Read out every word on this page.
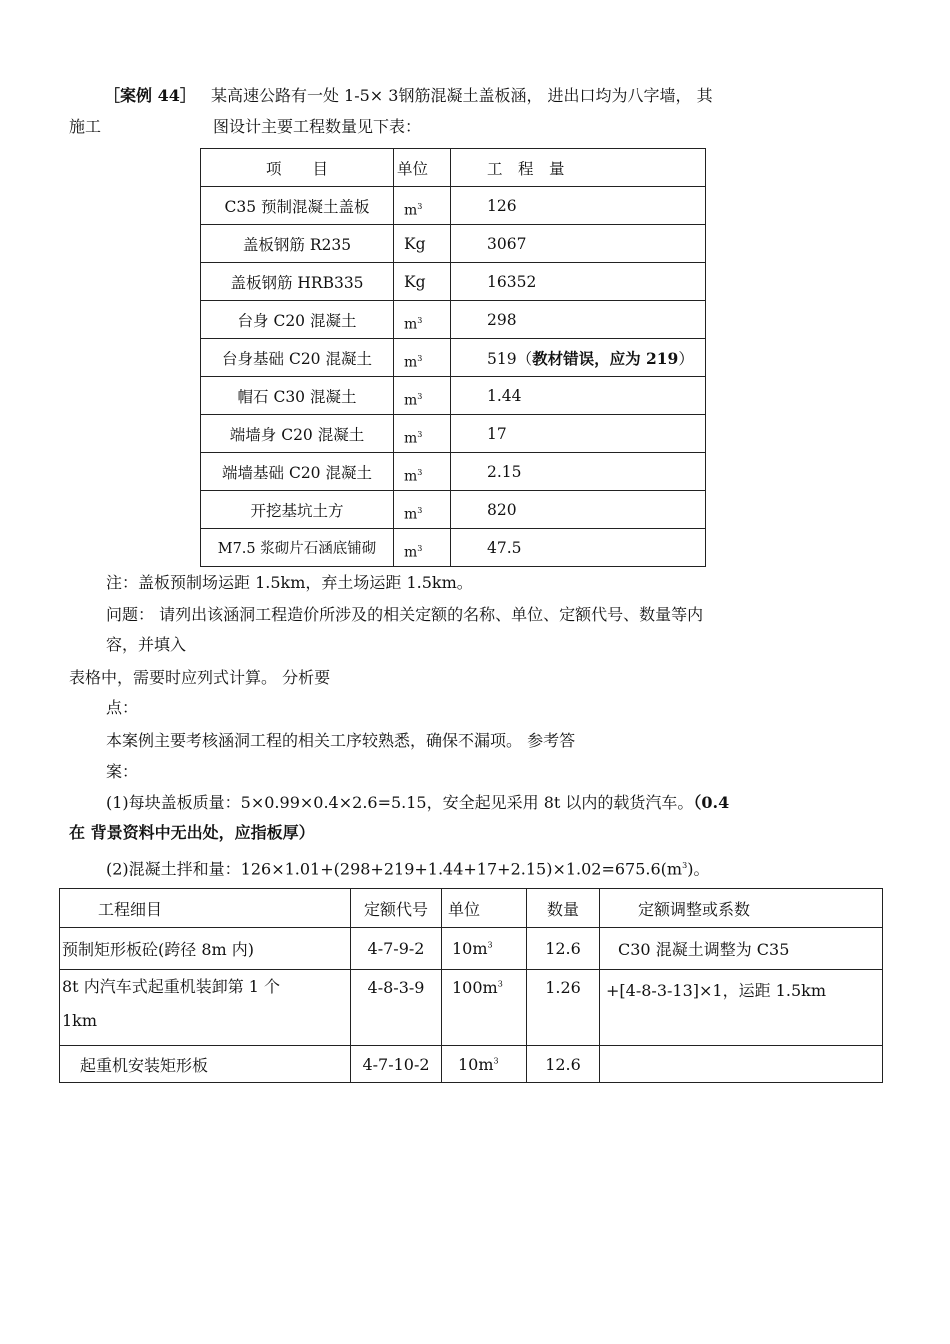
［案例 44］ 某高速公路有一处 1-5× 3钢筋混凝土盖板涵， 进出口均为八字墙， 其
施工	图设计主要工程数量见下表：
项　　目	单位	工　程　量
C35 预制混凝土盖板	$m^3$	126
盖板钢筋 R235	Kg	3067
盖板钢筋 HRB335	Kg	16352
台身 C20 混凝土	$m^3$	298
台身基础 C20 混凝土	$m^3$	519（教材错误，应为 219）
帽石 C30 混凝土	$m^3$	1.44
端墙身 C20 混凝土	$m^3$	17
端墙基础 C20 混凝土	$m^3$	2.15
开挖基坑土方	$m^3$	820
M7.5 浆砌片石涵底铺砌	$m^3$	47.5
注：盖板预制场运距 1.5km，弃土场运距 1.5km。
问题： 请列出该涵洞工程造价所涉及的相关定额的名称、单位、定额代号、数量等内
容，并填入
表格中，需要时应列式计算。 分析要
点：
本案例主要考核涵洞工程的相关工序较熟悉，确保不漏项。 参考答
案：
(1)每块盖板质量：5×0.99×0.4×2.6=5.15，安全起见采用 8t 以内的载货汽车。（0.4
在 背景资料中无出处，应指板厚）
(2)混凝土拌和量：$126\times 1.01+(298+219+1.44+17+2.15)\times 1.02=675.6(m^3)$。
工程细目	定额代号	单位	数量	定额调整或系数
预制矩形板砼(跨径 8m 内)	4-7-9-2	$10m^3$	12.6	C30 混凝土调整为 C35

8t 内汽车式起重机装卸第 1 个
1km	4-8-3-9	$100m^3$	1.26	+[4-8-3-13]×1，运距 1.5km
起重机安装矩形板	4-7-10-2	$10m^3$	12.6	
